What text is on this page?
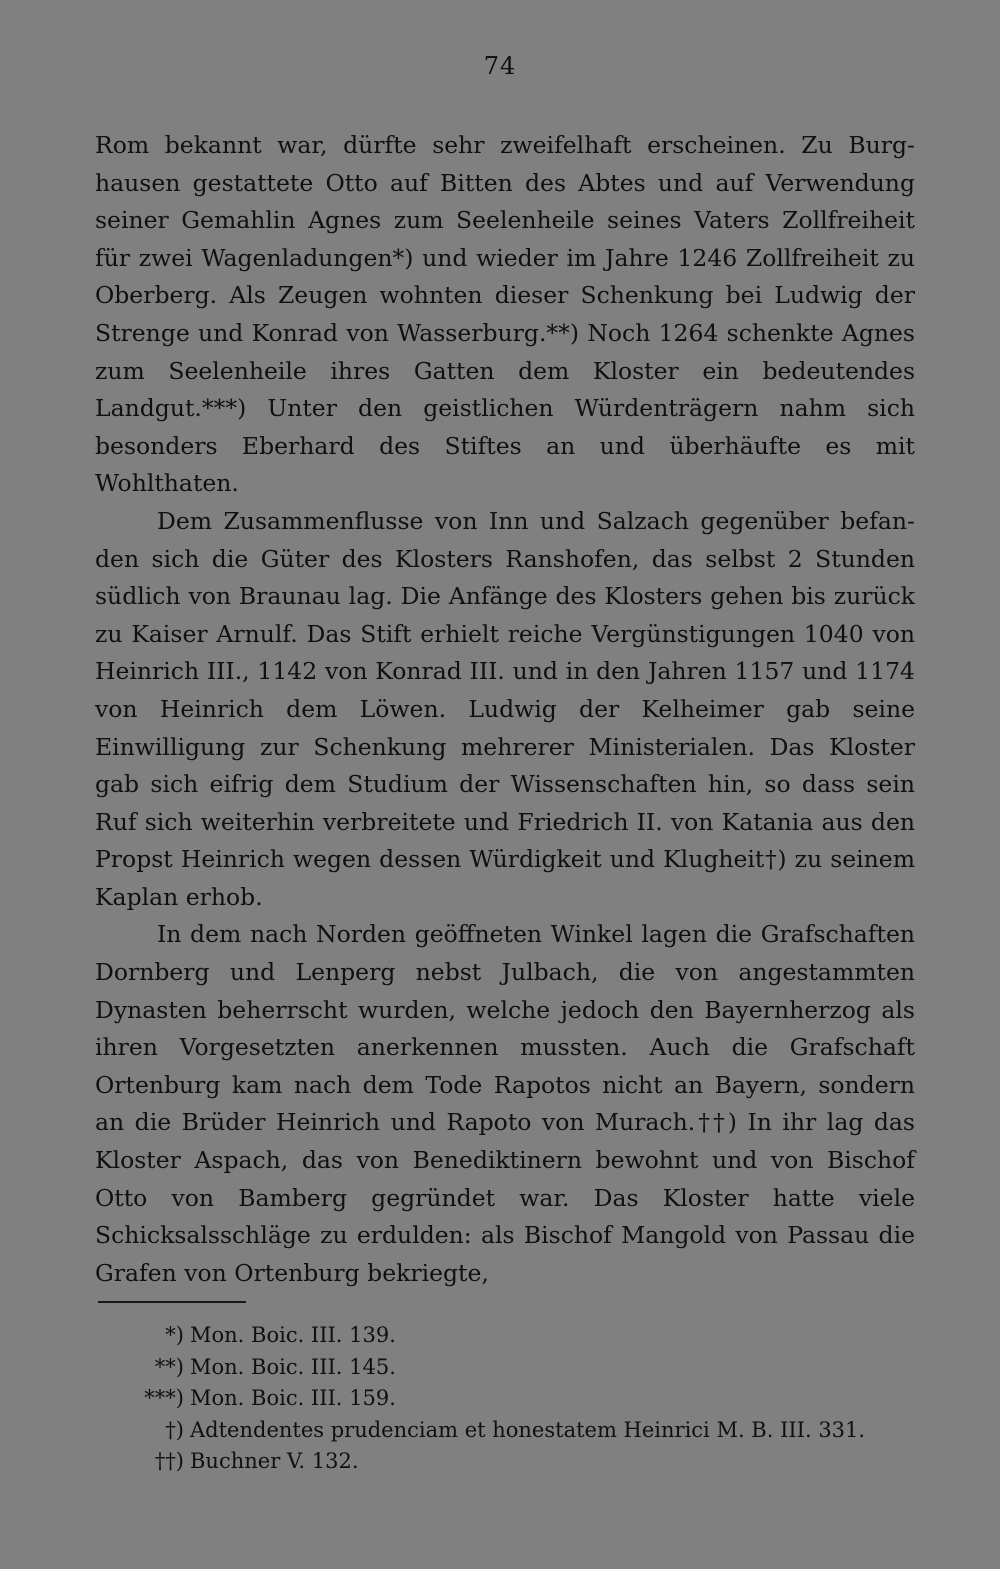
74

Rom bekannt war, dürfte sehr zweifelhaft erscheinen. Zu Burghausen gestattete Otto auf Bitten des Abtes und auf Verwendung seiner Gemahlin Agnes zum Seelenheile seines Vaters Zollfreiheit für zwei Wagenladungen*) und wieder im Jahre 1246 Zollfreiheit zu Oberberg. Als Zeugen wohnten dieser Schenkung bei Ludwig der Strenge und Konrad von Wasserburg.**) Noch 1264 schenkte Agnes zum Seelenheile ihres Gatten dem Kloster ein bedeutendes Landgut.***) Unter den geistlichen Würdenträgern nahm sich besonders Eberhard des Stiftes an und überhäufte es mit Wohlthaten.

Dem Zusammenflusse von Inn und Salzach gegenüber befanden sich die Güter des Klosters Ranshofen, das selbst 2 Stunden südlich von Braunau lag. Die Anfänge des Klosters gehen bis zurück zu Kaiser Arnulf. Das Stift erhielt reiche Vergünstigungen 1040 von Heinrich III., 1142 von Konrad III. und in den Jahren 1157 und 1174 von Heinrich dem Löwen. Ludwig der Kelheimer gab seine Einwilligung zur Schenkung mehrerer Ministerialen. Das Kloster gab sich eifrig dem Studium der Wissenschaften hin, so dass sein Ruf sich weiterhin verbreitete und Friedrich II. von Katania aus den Propst Heinrich wegen dessen Würdigkeit und Klugheit†) zu seinem Kaplan erhob.

In dem nach Norden geöffneten Winkel lagen die Grafschaften Dornberg und Lenperg nebst Julbach, die von angestammten Dynasten beherrscht wurden, welche jedoch den Bayernherzog als ihren Vorgesetzten anerkennen mussten. Auch die Grafschaft Ortenburg kam nach dem Tode Rapotos nicht an Bayern, sondern an die Brüder Heinrich und Rapoto von Murach.††) In ihr lag das Kloster Aspach, das von Benediktinern bewohnt und von Bischof Otto von Bamberg gegründet war. Das Kloster hatte viele Schicksalsschläge zu erdulden: als Bischof Mangold von Passau die Grafen von Ortenburg bekriegte,

*) Mon. Boic. III. 139.
**) Mon. Boic. III. 145.
***) Mon. Boic. III. 159.
†) Adtendentes prudenciam et honestatem Heinrici M. B. III. 331.
††) Buchner V. 132.
